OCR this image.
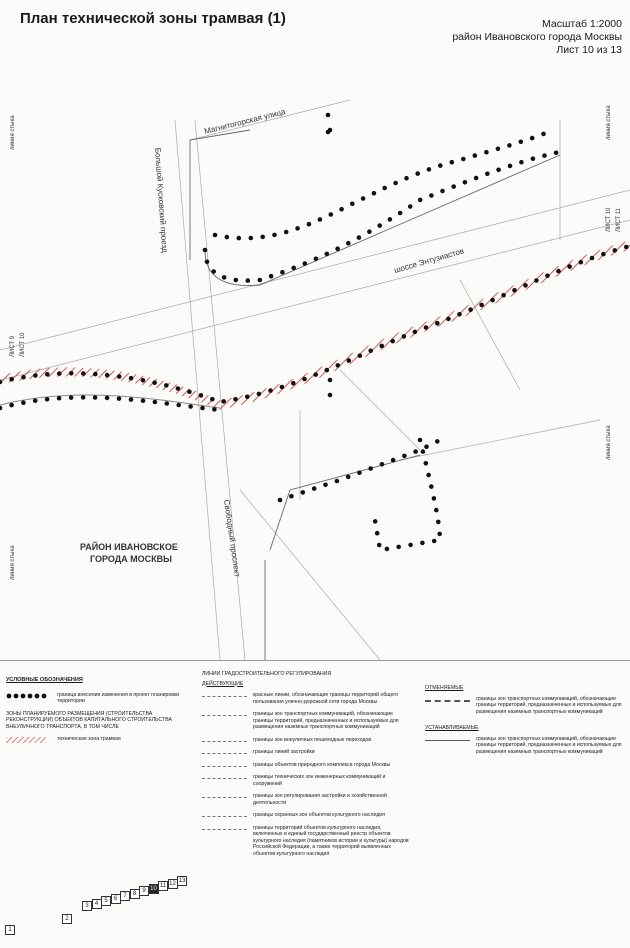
План технической зоны трамвая (1)	Масштаб 1:2000
район Ивановского города Москвы
Лист 10 из 13
Магнитогорская улица
Большой Кусковский проезд
шоссе Энтузиастов
Свободный проспект
РАЙОН ИВАНОВСКОЕ
ГОРОДА МОСКВЫ
линия стыка
линия стыка
линия стыка
линия стыка
ЛИСТ 9 ЛИСТ 10
ЛИСТ 10 ЛИСТ 11
УСЛОВНЫЕ ОБОЗНАЧЕНИЯ
граница внесения изменения в проект планировки территории
ЗОНЫ ПЛАНИРУЕМОГО РАЗМЕЩЕНИЯ (СТРОИТЕЛЬСТВА РЕКОНСТРУКЦИИ) ОБЪЕКТОВ КАПИТАЛЬНОГО СТРОИТЕЛЬСТВА ВНЕУЛИЧНОГО ТРАНСПОРТА, В ТОМ ЧИСЛЕ
техническая зона трамвая
ЛИНИИ ГРАДОСТРОИТЕЛЬНОГО РЕГУЛИРОВАНИЯ
ДЕЙСТВУЮЩИЕ
красные линии, обозначающие границы территорий общего пользования улично-дорожной сети города Москвы
границы зон транспортных коммуникаций, обозначающие границы территорий, предназначенных и используемых для размещения наземных транспортных коммуникаций
границы зон внеуличных пешеходных переходов
границы линий застройки
границы объектов природного комплекса города Москвы
границы технических зон инженерных коммуникаций и сооружений
границы зон регулирования застройки и хозяйственной деятельности
границы охранных зон объектов культурного наследия
границы территорий объектов культурного наследия, включенных в единый государственный реестр объектов культурного наследия (памятников истории и культуры) народов Российской Федерации, а также территорий выявленных объектов культурного наследия
ОТМЕНЯЕМЫЕ
границы зон транспортных коммуникаций, обозначающие границы территорий, предназначенных и используемых для размещения наземных транспортных коммуникаций
УСТАНАВЛИВАЕМЫЕ
границы зон транспортных коммуникаций, обозначающие границы территорий, предназначенных и используемых для размещения наземных транспортных коммуникаций
1
2
3	4	5	6	7	8	9 10 11 12 13
